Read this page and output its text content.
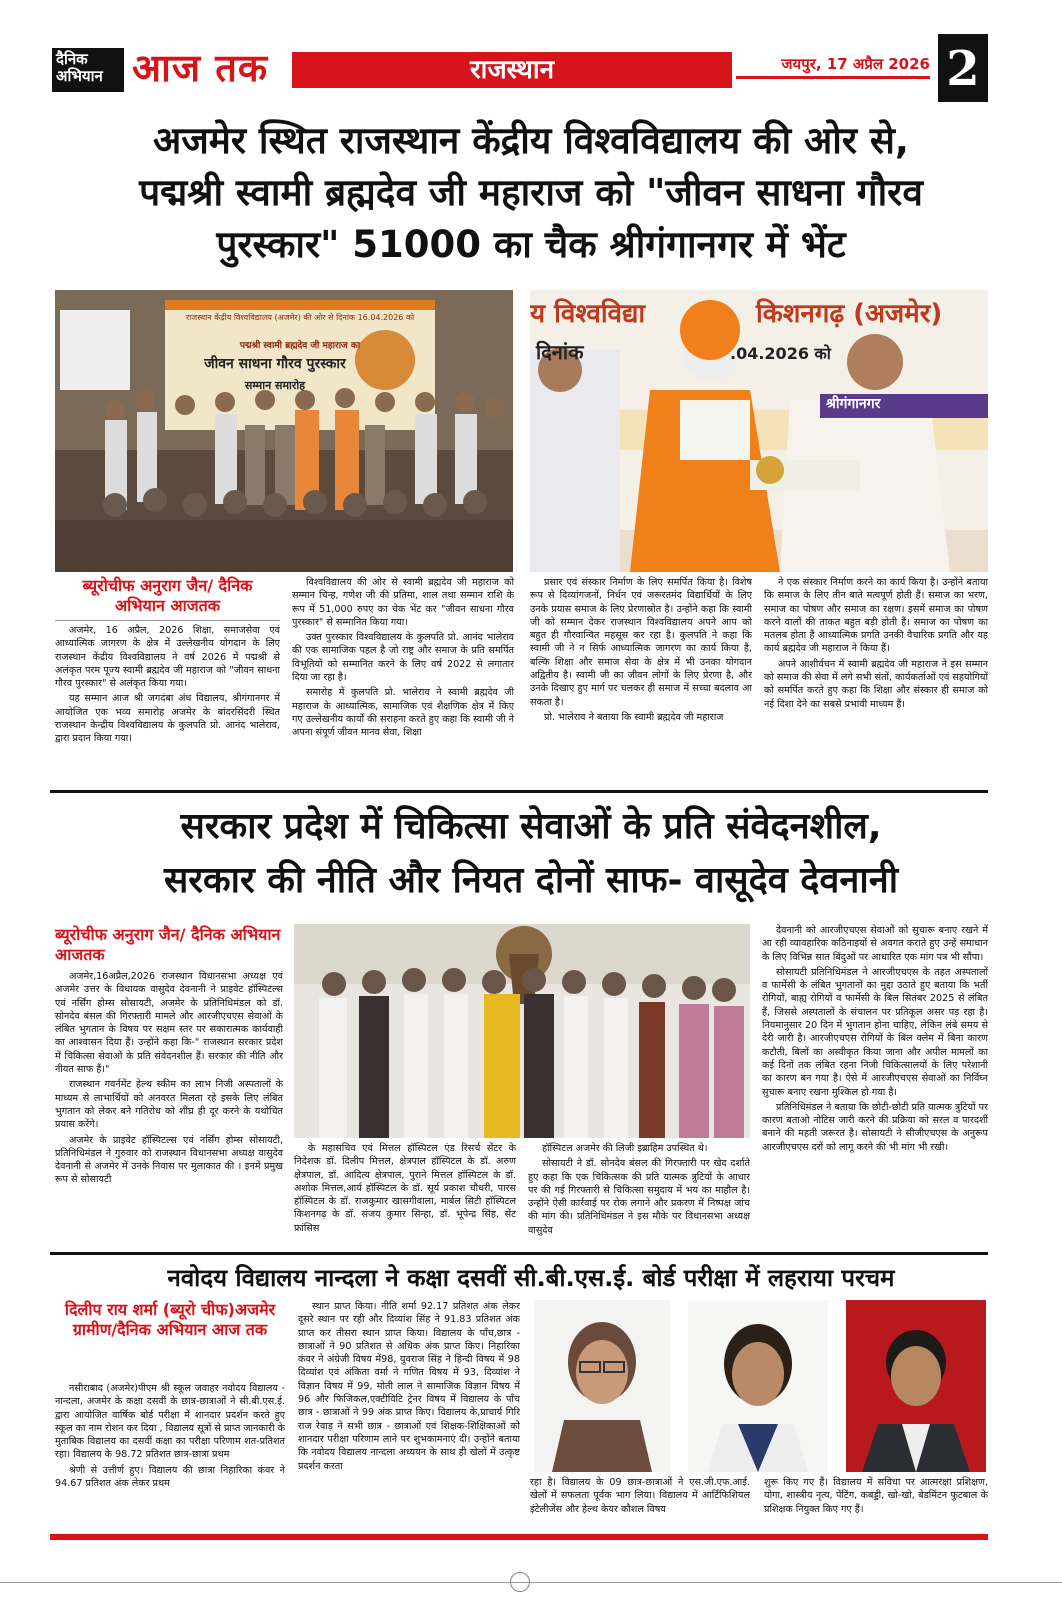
दैनिक
अभियान आज तक	राजस्थान	जयपुर, 17 अप्रैल 2026 2
अजमेर स्थित राजस्थान केंद्रीय विश्वविद्यालय की ओर से,
पद्मश्री स्वामी ब्रह्मदेव जी महाराज को "जीवन साधना गौरव
पुरस्कार" 51000 का चैक श्रीगंगानगर में भेंट
राजस्थान केंद्रीय विश्वविद्यालय (अजमेर) की ओर से दिनांक 16.04.2026 को
पद्मश्री स्वामी ब्रह्मदेव जी महाराज का
जीवन साधना गौरव पुरस्कार
सम्मान समारोह
य विश्वविद्या	किशनगढ़ (अजमेर)
दिनांक	.04.2026 को
श्रीगंगानगर
ब्यूरोचीफ अनुराग जैन/ दैनिक अभियान आजतक

अजमेर, 16 अप्रैल, 2026 शिक्षा, समाजसेवा एवं आध्यात्मिक जागरण के क्षेत्र में उल्लेखनीय योगदान के लिए राजस्थान केंद्रीय विश्वविद्यालय ने वर्ष 2026 में पद्मश्री से अलंकृत परम पूज्य स्वामी ब्रह्मदेव जी महाराज को "जीवन साधना गौरव पुरस्कार" से अलंकृत किया गया।

यह सम्मान आज श्री जगदंबा अंध विद्यालय, श्रीगंगानगर में आयोजित एक भव्य समारोह अजमेर के बांदरसिंदरी स्थित राजस्थान केन्द्रीय विश्वविद्यालय के कुलपति प्रो. आनंद भालेराव, द्वारा प्रदान किया गया।

विश्वविद्यालय की ओर से स्वामी ब्रह्मदेव जी महाराज को सम्मान चिन्ह, गणेश जी की प्रतिमा, शाल तथा सम्मान राशि के रूप में 51,000 रुपए का चेक भेंट कर "जीवन साधना गौरव पुरस्कार" से सम्मानित किया गया।

उक्त पुरस्कार विश्वविद्यालय के कुलपति प्रो. आनंद भालेराव की एक सामाजिक पहल है जो राष्ट्र और समाज के प्रति समर्पित विभूतियों को सम्मानित करने के लिए वर्ष 2022 से लगातार दिया जा रहा है।

समारोह में कुलपति प्रो. भालेराव ने स्वामी ब्रह्मदेव जी महाराज के आध्यात्मिक, सामाजिक एवं शैक्षणिक क्षेत्र में किए गए उल्लेखनीय कार्यों की सराहना करते हुए कहा कि स्वामी जी ने अपना संपूर्ण जीवन मानव सेवा, शिक्षा

प्रसार एवं संस्कार निर्माण के लिए समर्पित किया है। विशेष रूप से दिव्यांगजनों, निर्धन एवं जरूरतमंद विद्यार्थियों के लिए उनके प्रयास समाज के लिए प्रेरणास्रोत है। उन्होंने कहा कि स्वामी जी को सम्मान देकर राजस्थान विश्वविद्यालय अपने आप को बहुत ही गौरवान्वित महसूस कर रहा है। कुलपति ने कहा कि स्वामी जी ने न सिर्फ आध्यात्मिक जागरण का कार्य किया है, बल्कि शिक्षा और समाज सेवा के क्षेत्र में भी उनका योगदान अद्वितीय है। स्वामी जी का जीवन लोगों के लिए प्रेरणा है, और उनके दिखाए हुए मार्ग पर चलकर ही समाज में सच्चा बदलाव आ सकता है।

प्रो. भालेराव ने बताया कि स्वामी ब्रह्मदेव जी महाराज

ने एक संस्कार निर्माण करने का कार्य किया है। उन्होंने बताया कि समाज के लिए तीन बाते मत्वपूर्ण होती हैं। समाज का भरण, समाज का पोषण और समाज का रक्षण। इसमें समाज का पोषण करने वालों की ताकत बहुत बड़ी होती हैं। समाज का पोषण का मतलब होता हैं आध्यात्मिक प्रगति उनकी वैचारिक प्रगति और यह कार्य ब्रह्मदेव जी महाराज ने किया हैं।

अपने आशीर्वचन में स्वामी ब्रह्मदेव जी महाराज ने इस सम्मान को समाज की सेवा में लगे सभी संतों, कार्यकर्ताओं एवं सहयोगियों को समर्पित करते हुए कहा कि शिक्षा और संस्कार ही समाज को नई दिशा देने का सबसे प्रभावी माध्यम हैं।

सरकार प्रदेश में चिकित्सा सेवाओं के प्रति संवेदनशील,
सरकार की नीति और नियत दोनों साफ- वासूदेव देवनानी
ब्यूरोचीफ अनुराग जैन/ दैनिक अभियान आजतक

अजमेर,16अप्रैल,2026 राजस्थान विधानसभा अध्यक्ष एवं अजमेर उत्तर के विधायक वासुदेव देवनानी ने प्राइवेट हॉस्पिटल्स एवं नर्सिंग होम्स सोसायटी, अजमेर के प्रतिनिधिमंडल को डॉ. सोनदेव बंसल की गिरफ्तारी मामले और आरजीएचएस सेवाओं के लंबित भुगतान के विषय पर सक्षम स्तर पर सकारात्मक कार्यवाही का आश्वासन दिया हैं। उन्होंने कहा कि-" राजस्थान सरकार प्रदेश में चिकित्सा सेवाओं के प्रति संवेदनशील हैं। सरकार की नीति और नीयत साफ हैं।"

राजस्थान गवर्नमेंट हेल्थ स्कीम का लाभ निजी अस्पतालों के माध्यम से लाभार्थियों को अनवरत मिलता रहे इसके लिए लंबित भुगतान को लेकर बने गतिरोध को शीघ्र ही दूर करने के यथोचित प्रयास करेंगे।

अजमेर के प्राइवेट हॉस्पिटल्स एवं नर्सिंग होम्स सोसायटी, प्रतिनिधिमंडल ने गुरुवार को राजस्थान विधानसभा अध्यक्ष वासुदेव देवनानी से अजमेर में उनके निवास पर मुलाकात की । इनमें प्रमुख रूप से सोसायटी

के महासचिव एवं मित्तल हॉस्पिटल एंड रिसर्च सेंटर के निदेशक डॉ. दिलीप मित्तल, क्षेत्रपाल हॉस्पिटल के डॉ. अरुण क्षेत्रपाल, डॉ. आदित्य क्षेत्रपाल, पुराने मित्तल हॉस्पिटल के डॉ. अशोक मित्तल,आर्य हॉस्पिटल के डॉ. सूर्य प्रकाश चौधरी, पारस हॉस्पिटल के डॉ. राजकुमार खासगीवाला, मार्बल सिटी हॉस्पिटल किशनगढ़ के डॉ. संजय कुमार सिन्हा, डॉ. भूपेन्द्र सिंह, सेंट फ्रांसिस

हॉस्पिटल अजमेर की लिजी इब्राहिम उपस्थित थे।

सोसायटी ने डॉ. सोनदेव बंसल की गिरफ्तारी पर खेद दर्शाते हुए कहा कि एक चिकित्सक की प्रति यात्मक त्रुटियों के आधार पर की गई गिरफ्तारी से चिकित्सा समुदाय में भय का माहौल है। उन्होंने ऐसी कार्रवाई पर रोक लगाने और प्रकरण में निष्पक्ष जांच की मांग की। प्रतिनिधिमंडल ने इस मौके पर विधानसभा अध्यक्ष वासुदेव

देवनानी को आरजीएचएस सेवाओं को सुचारू बनाए रखने में आ रही व्यावहारिक कठिनाइयों से अवगत कराते हुए उन्हें समाधान के लिए विभिन्न सात बिंदुओं पर आधारित एक मांग पत्र भी सौंपा।

सोसायटी प्रतिनिधिमंडल ने आरजीएचएस के तहत अस्पतालों व फार्मेसी के लंबित भुगतानों का मुद्दा उठाते हुए बताया कि भर्ती रोगियों, बाह्य रोगियों व फार्मेसी के बिल सितंबर 2025 से लंबित हैं, जिससे अस्पतालों के संचालन पर प्रतिकूल असर पड़ रहा है। नियमानुसार 20 दिन में भुगतान होना चाहिए, लेकिन लंबे समय से देरी जारी है। आरजीएचएस रोगियों के बिल क्लेम में बिना कारण कटौती, बिलों का अस्वीकृत किया जाना और अपील मामलों का कई दिनों तक लंबित रहना निजी चिकित्सालयों के लिए परेशानी का कारण बन गया है। ऐसे में आरजीएचएस सेवाओं का निर्विघ्न सुचारू बनाए रखना मुश्किल हो गया है।

प्रतिनिधिमंडल ने बताया कि छोटी-छोटी प्रति यात्मक त्रुटियों पर कारण बताओ नोटिस जारी करने की प्रक्रिया को सरल व पारदर्शी बनाने की महती जरूरत है। सोसायटी ने सीजीएचएस के अनुरूप आरजीएचएस दरों को लागू करने की भी मांग भी रखी।

नवोदय विद्यालय नान्दला ने कक्षा दसवीं सी.बी.एस.ई. बोर्ड परीक्षा में लहराया परचम
दिलीप राय शर्मा (ब्यूरो चीफ)अजमेर ग्रामीण/दैनिक अभियान आज तक

नसीराबाद (अजमेर)पीएम श्री स्कूल जवाहर नवोदय विद्यालय - नान्दला, अजमेर के कक्षा दसवीं के छात्र-छात्राओं ने सी.बी.एस.ई. द्वारा आयोजित वार्षिक बोर्ड परीक्षा में शानदार प्रदर्शन करते हुए स्कूल का नाम रोशन कर दिया , विद्यालय सूत्रों से प्राप्त जानकारी के मुताबिक विद्यालय का दसवीं कक्षा का परीक्षा परिणाम शत-प्रतिशत रहा। विद्यालय के 98.72 प्रतिशत छात्र-छात्रा प्रथम

श्रेणी से उत्तीर्ण हुए। विद्यालय की छात्रा निहारिका कंवर ने 94.67 प्रतिशत अंक लेकर प्रथम

स्थान प्राप्त किया। नीति शर्मा 92.17 प्रतिशत अंक लेकर दूसरे स्थान पर रही और दिव्यांश सिंह ने 91.83 प्रतिशत अंक प्राप्त कर तीसरा स्थान प्राप्त किया। विद्यालय के पाँच,छात्र - छात्राओं ने 90 प्रतिशत से अधिक अंक प्राप्त किए। निहारिका कंवर ने अंग्रेजी विषय में98, युवराज सिंह ने हिन्दी विषय में 98 दिव्यांश एवं अंकिता वर्मा ने गणित विषय में 93, दिव्यांश ने विज्ञान विषय में 99, मोती लाल ने सामाजिक विज्ञान विषय में 96 और फिजिकल,एक्टीविटि ट्रेनर विषय में विद्यालय के पाँच छात्र - छात्राओं ने 99 अंक प्राप्त किए। विद्यालय के,प्राचार्य गिरि राज रेवाड़ ने सभी छात्र - छात्राओं एवं शिक्षक-शिक्षिकाओं को शानदार परीक्षा परिणाम लाने पर शुभकामनाएं दी। उन्होंने बताया कि नवोदय विद्यालय नान्दला अध्ययन के साथ ही खेलों में उत्कृष्ट प्रदर्शन करता

रहा है। विद्यालय के 09 छात्र-छात्राओं ने एस.जी.एफ.आई. खेलों में सफलता पूर्वक भाग लिया। विद्यालय में आर्टिफिशियल इंटेलीजेंस और हेल्थ केयर कौशल विषय

शुरू किए गए हैं। विद्यालय में सविधा पर आत्मरक्षा प्रशिक्षण, योगा, शास्त्रीय नृत्य, पेंटिंग, कबड्डी, खो-खो, बेडमिंटन फुटबाल के प्रशिक्षक नियुक्त किए गए हैं।
